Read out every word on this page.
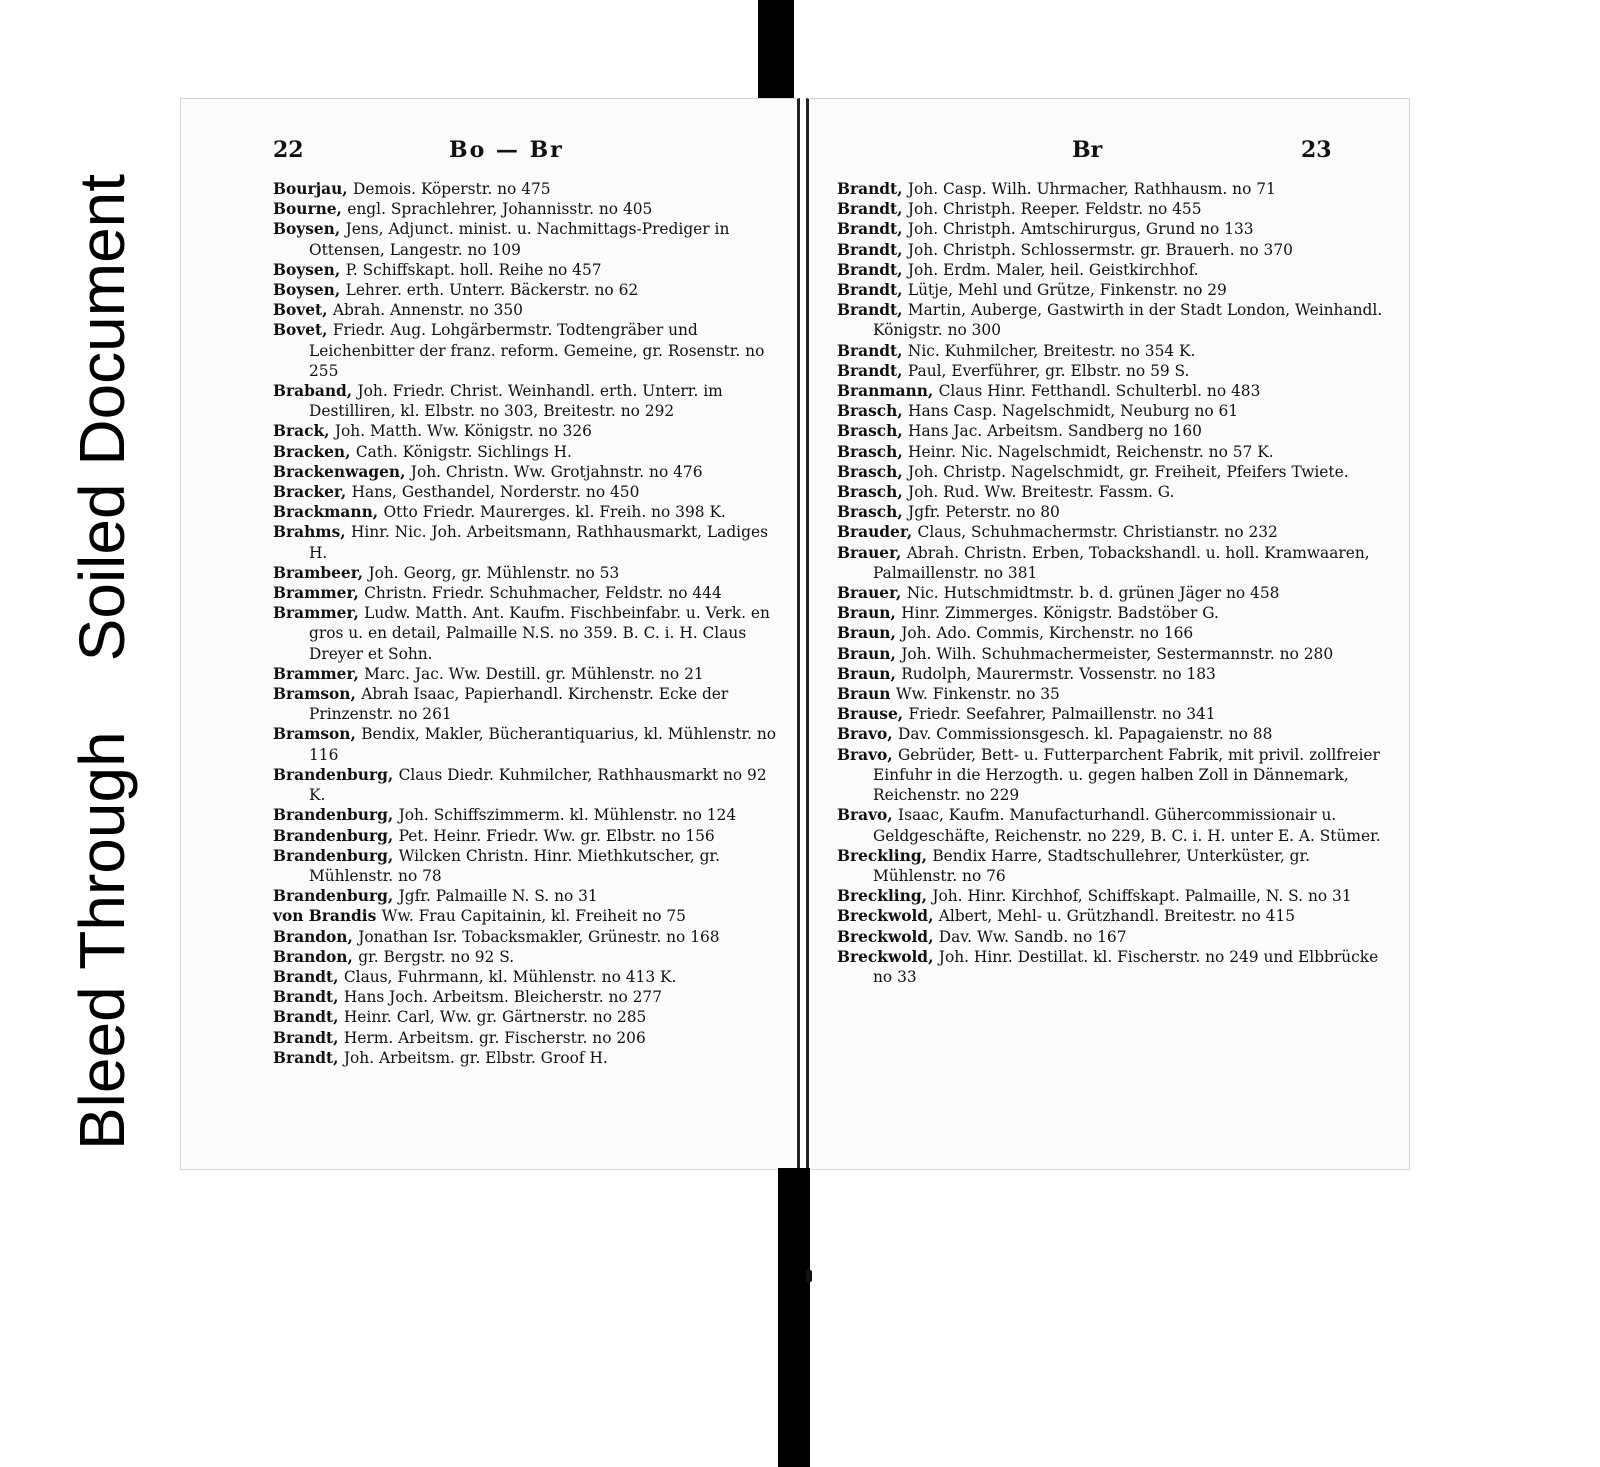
Bleed ThroughSoiled Document
22	Bo — Br
Bourjau, Demois. Köperstr. no 475
Bourne, engl. Sprachlehrer, Johannisstr. no 405
Boysen, Jens, Adjunct. minist. u. Nachmittags-Prediger in Ottensen, Langestr. no 109
Boysen, P. Schiffskapt. holl. Reihe no 457
Boysen, Lehrer. erth. Unterr. Bäckerstr. no 62
Bovet, Abrah. Annenstr. no 350
Bovet, Friedr. Aug. Lohgärbermstr. Todtengräber und Leichenbitter der franz. reform. Gemeine, gr. Rosenstr. no 255
Braband, Joh. Friedr. Christ. Weinhandl. erth. Unterr. im Destilliren, kl. Elbstr. no 303, Breitestr. no 292
Brack, Joh. Matth. Ww. Königstr. no 326
Bracken, Cath. Königstr. Sichlings H.
Brackenwagen, Joh. Christn. Ww. Grotjahnstr. no 476
Bracker, Hans, Gesthandel, Norderstr. no 450
Brackmann, Otto Friedr. Maurerges. kl. Freih. no 398 K.
Brahms, Hinr. Nic. Joh. Arbeitsmann, Rathhausmarkt, Ladiges H.
Brambeer, Joh. Georg, gr. Mühlenstr. no 53
Brammer, Christn. Friedr. Schuhmacher, Feldstr. no 444
Brammer, Ludw. Matth. Ant. Kaufm. Fischbeinfabr. u. Verk. en gros u. en detail, Palmaille N.S. no 359. B. C. i. H. Claus Dreyer et Sohn.
Brammer, Marc. Jac. Ww. Destill. gr. Mühlenstr. no 21
Bramson, Abrah Isaac, Papierhandl. Kirchenstr. Ecke der Prinzenstr. no 261
Bramson, Bendix, Makler, Bücherantiquarius, kl. Mühlenstr. no 116
Brandenburg, Claus Diedr. Kuhmilcher, Rathhausmarkt no 92 K.
Brandenburg, Joh. Schiffszimmerm. kl. Mühlenstr. no 124
Brandenburg, Pet. Heinr. Friedr. Ww. gr. Elbstr. no 156
Brandenburg, Wilcken Christn. Hinr. Miethkutscher, gr. Mühlenstr. no 78
Brandenburg, Jgfr. Palmaille N. S. no 31
von Brandis Ww. Frau Capitainin, kl. Freiheit no 75
Brandon, Jonathan Isr. Tobacksmakler, Grünestr. no 168
Brandon, gr. Bergstr. no 92 S.
Brandt, Claus, Fuhrmann, kl. Mühlenstr. no 413 K.
Brandt, Hans Joch. Arbeitsm. Bleicherstr. no 277
Brandt, Heinr. Carl, Ww. gr. Gärtnerstr. no 285
Brandt, Herm. Arbeitsm. gr. Fischerstr. no 206
Brandt, Joh. Arbeitsm. gr. Elbstr. Groof H.
Br	23
Brandt, Joh. Casp. Wilh. Uhrmacher, Rathhausm. no 71
Brandt, Joh. Christph. Reeper. Feldstr. no 455
Brandt, Joh. Christph. Amtschirurgus, Grund no 133
Brandt, Joh. Christph. Schlossermstr. gr. Brauerh. no 370
Brandt, Joh. Erdm. Maler, heil. Geistkirchhof.
Brandt, Lütje, Mehl und Grütze, Finkenstr. no 29
Brandt, Martin, Auberge, Gastwirth in der Stadt London, Weinhandl. Königstr. no 300
Brandt, Nic. Kuhmilcher, Breitestr. no 354 K.
Brandt, Paul, Everführer, gr. Elbstr. no 59 S.
Branmann, Claus Hinr. Fetthandl. Schulterbl. no 483
Brasch, Hans Casp. Nagelschmidt, Neuburg no 61
Brasch, Hans Jac. Arbeitsm. Sandberg no 160
Brasch, Heinr. Nic. Nagelschmidt, Reichenstr. no 57 K.
Brasch, Joh. Christp. Nagelschmidt, gr. Freiheit, Pfeifers Twiete.
Brasch, Joh. Rud. Ww. Breitestr. Fassm. G.
Brasch, Jgfr. Peterstr. no 80
Brauder, Claus, Schuhmachermstr. Christianstr. no 232
Brauer, Abrah. Christn. Erben, Tobackshandl. u. holl. Kramwaaren, Palmaillenstr. no 381
Brauer, Nic. Hutschmidtmstr. b. d. grünen Jäger no 458
Braun, Hinr. Zimmerges. Königstr. Badstöber G.
Braun, Joh. Ado. Commis, Kirchenstr. no 166
Braun, Joh. Wilh. Schuhmachermeister, Sestermannstr. no 280
Braun, Rudolph, Maurermstr. Vossenstr. no 183
Braun Ww. Finkenstr. no 35
Brause, Friedr. Seefahrer, Palmaillenstr. no 341
Bravo, Dav. Commissionsgesch. kl. Papagaienstr. no 88
Bravo, Gebrüder, Bett- u. Futterparchent Fabrik, mit privil. zollfreier Einfuhr in die Herzogth. u. gegen halben Zoll in Dännemark, Reichenstr. no 229
Bravo, Isaac, Kaufm. Manufacturhandl. Gühercommissionair u. Geldgeschäfte, Reichenstr. no 229, B. C. i. H. unter E. A. Stümer.
Breckling, Bendix Harre, Stadtschullehrer, Unterküster, gr. Mühlenstr. no 76
Breckling, Joh. Hinr. Kirchhof, Schiffskapt. Palmaille, N. S. no 31
Breckwold, Albert, Mehl- u. Grützhandl. Breitestr. no 415
Breckwold, Dav. Ww. Sandb. no 167
Breckwold, Joh. Hinr. Destillat. kl. Fischerstr. no 249 und Elbbrücke no 33
